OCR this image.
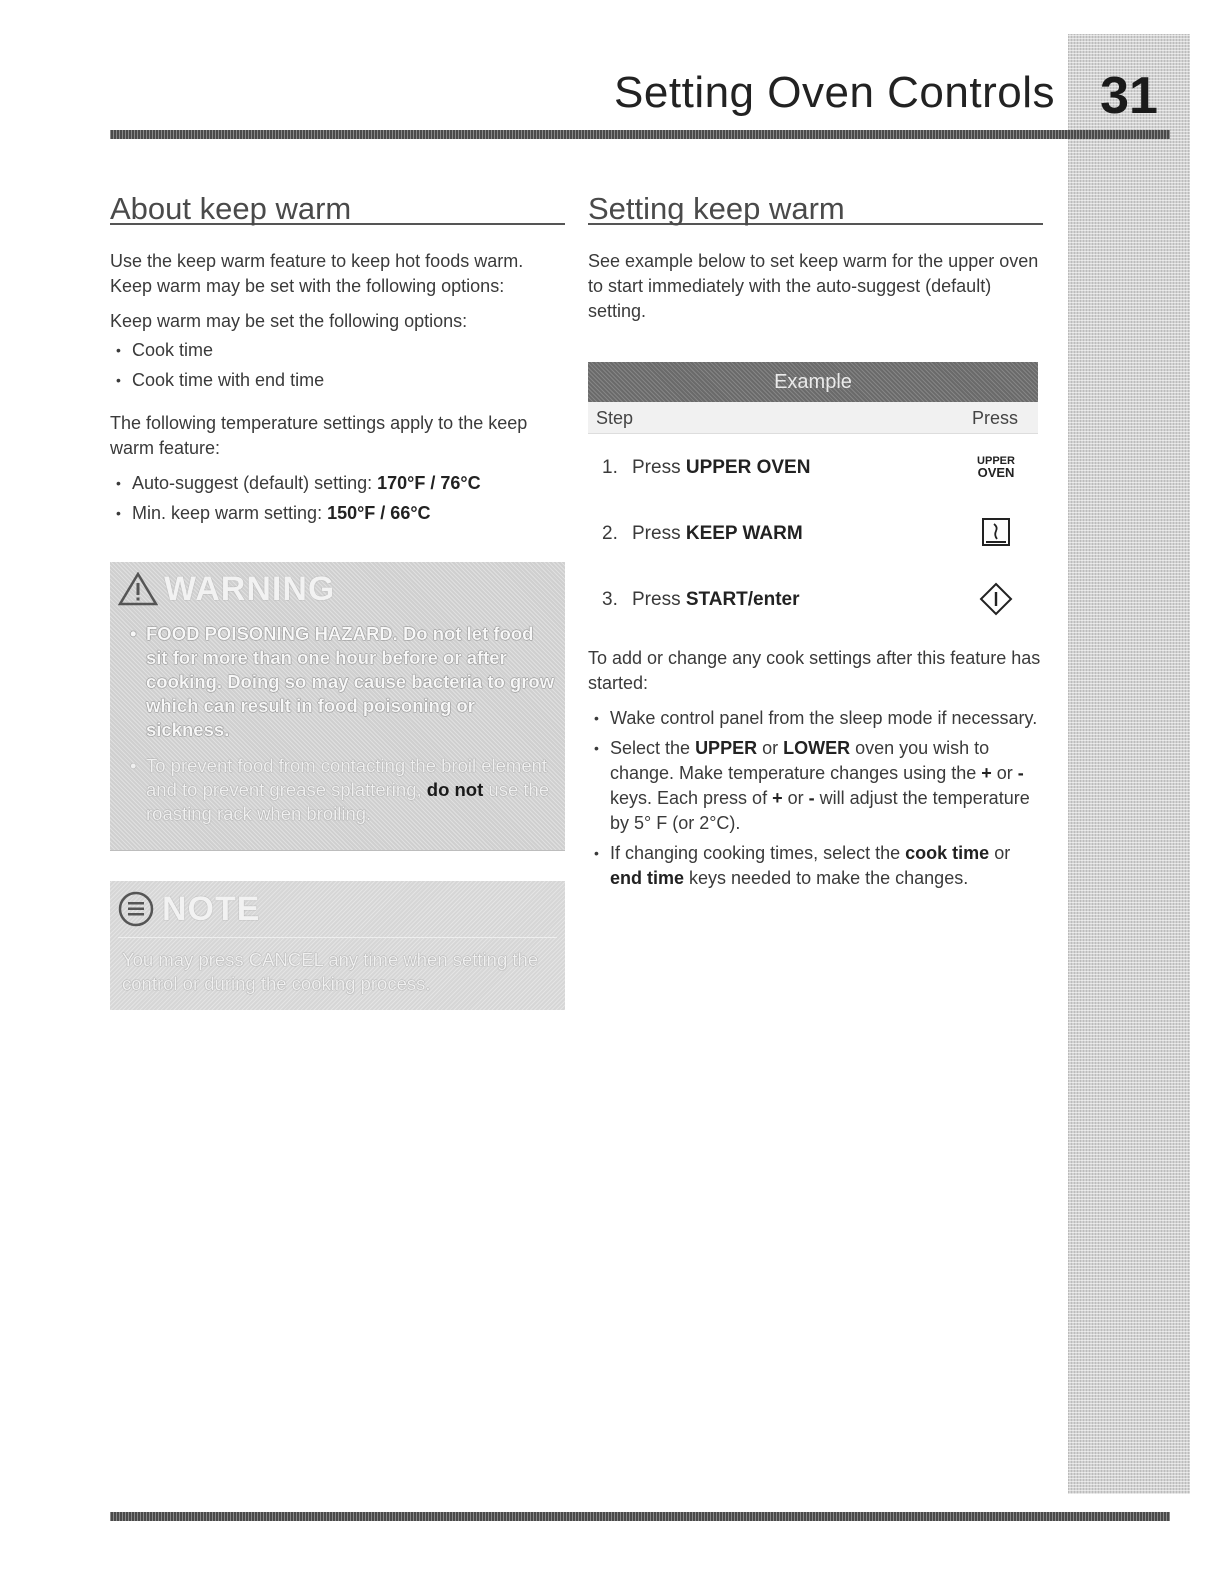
Setting Oven Controls 31
About keep warm

Use the keep warm feature to keep hot foods warm. Keep warm may be set with the following options:

Keep warm may be set the following options:

• Cook time
• Cook time with end time

The following temperature settings apply to the keep warm feature:

• Auto-suggest (default) setting: 170°F / 76°C
• Min. keep warm setting: 150°F / 66°C
WARNING

• FOOD POISONING HAZARD. Do not let food sit for more than one hour before or after cooking. Doing so may cause bacteria to grow which can result in food poisoning or sickness.

• To prevent food from contacting the broil element and to prevent grease splattering, do not use the roasting rack when broiling.

NOTE

You may press CANCEL any time when setting the control or during the cooking process.

Setting keep warm

See example below to set keep warm for the upper oven to start immediately with the auto-suggest (default) setting.

Example
Step	Press
1. Press UPPER OVEN	UPPER
OVEN
2. Press KEEP WARM
3. Press START/enter

To add or change any cook settings after this feature has started:

• Wake control panel from the sleep mode if necessary.
• Select the UPPER or LOWER oven you wish to change. Make temperature changes using the + or - keys. Each press of + or - will adjust the temperature by 5° F (or 2°C).
• If changing cooking times, select the cook time or end time keys needed to make the changes.
